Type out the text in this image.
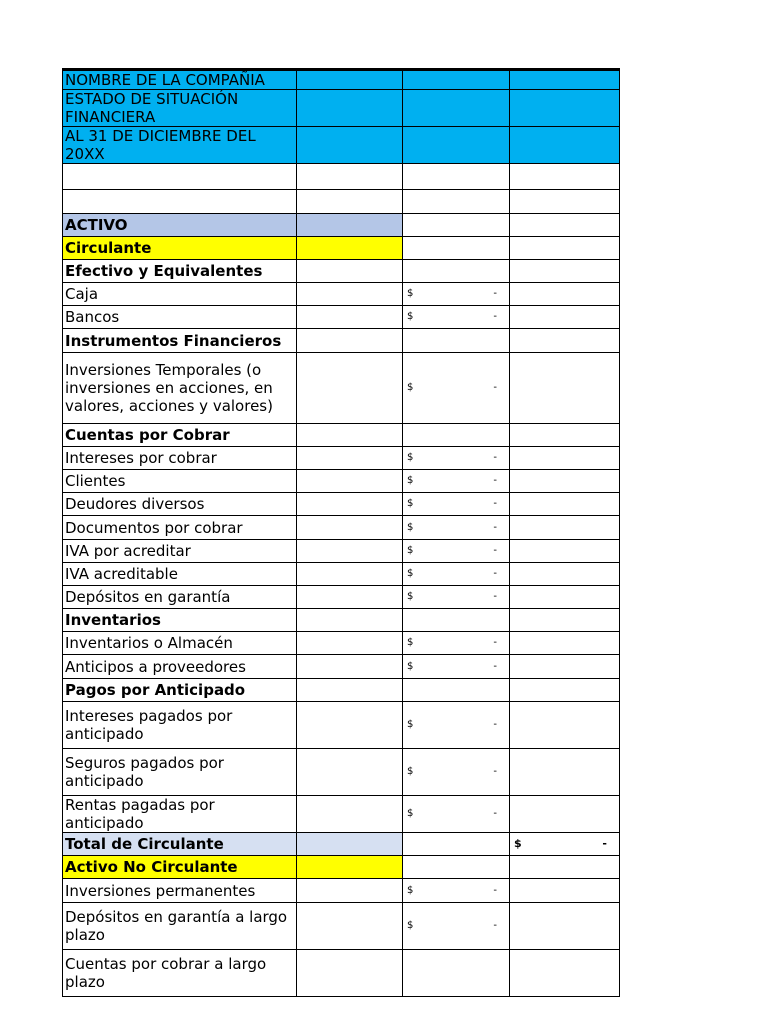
NOMBRE DE LA COMPAÑIA			
ESTADO DE SITUACIÓN FINANCIERA			
AL 31 DE DICIEMBRE DEL 20XX			

ACTIVO			
Circulante			
Efectivo y Equivalentes			
Caja		$ -	

Bancos		$ -	

Instrumentos Financieros			
Inversiones Temporales (o inversiones en acciones, en valores, acciones y valores)		$ -	

Cuentas por Cobrar			
Intereses por cobrar		$ -	

Clientes		$ -	

Deudores diversos		$ -	

Documentos por cobrar		$ -	

IVA por acreditar		$ -	

IVA acreditable		$ -	

Depósitos en garantía		$ -	

Inventarios			
Inventarios o Almacén		$ -	

Anticipos a proveedores		$ -	

Pagos por Anticipado			
Intereses pagados por anticipado		$ -	

Seguros pagados por anticipado		$ -	

Rentas pagadas por anticipado		$ -	

Total de Circulante			$ -

Activo No Circulante			
Inversiones permanentes		$ -	

Depósitos en garantía a largo plazo		$ -	

Cuentas por cobrar a largo plazo			
